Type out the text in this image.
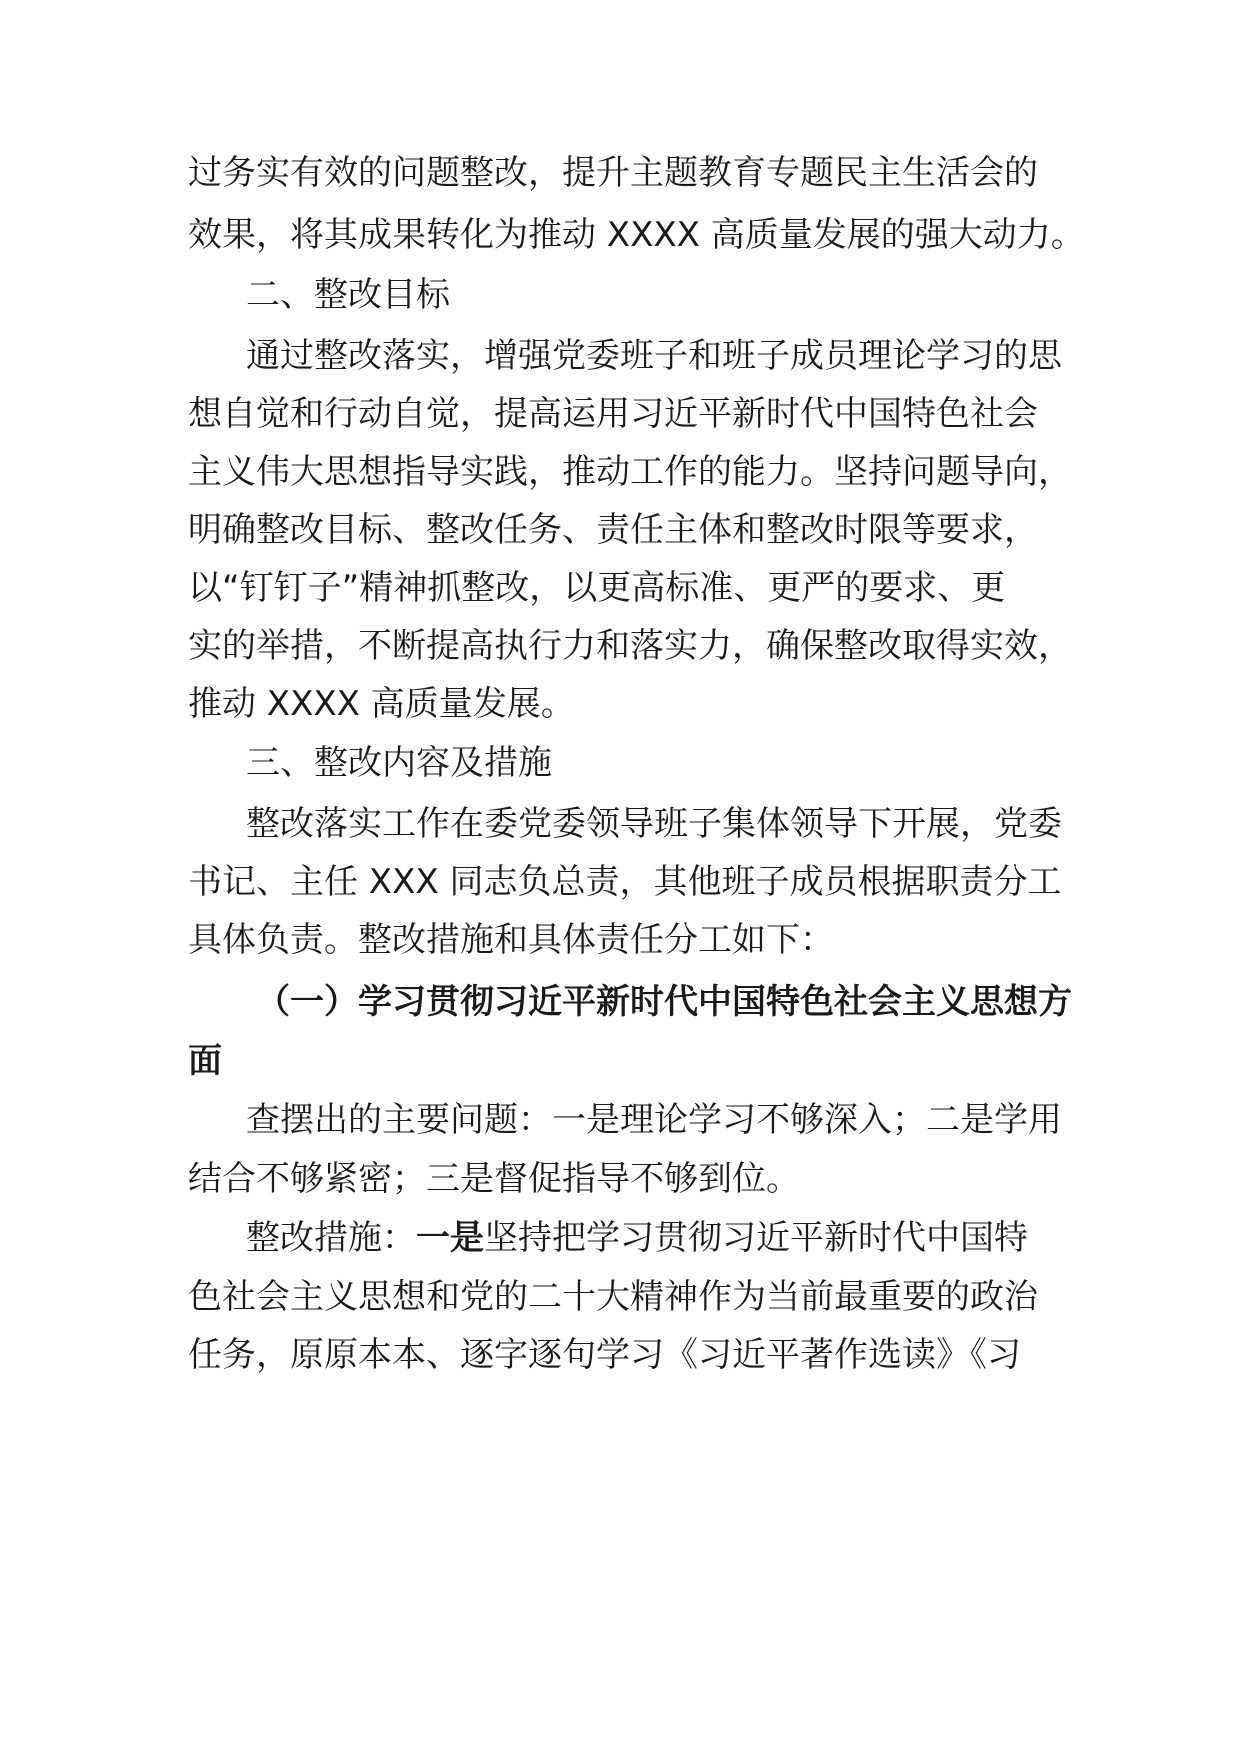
过务实有效的问题整改，提升主题教育专题民主生活会的
效果，将其成果转化为推动 XXXX 高质量发展的强大动力。
二、整改目标
通过整改落实，增强党委班子和班子成员理论学习的思
想自觉和行动自觉，提高运用习近平新时代中国特色社会
主义伟大思想指导实践，推动工作的能力。坚持问题导向，
明确整改目标、整改任务、责任主体和整改时限等要求，
以“钉钉子”精神抓整改，以更高标准、更严的要求、更
实的举措，不断提高执行力和落实力，确保整改取得实效，
推动 XXXX 高质量发展。
三、整改内容及措施
整改落实工作在委党委领导班子集体领导下开展，党委
书记、主任 XXX 同志负总责，其他班子成员根据职责分工
具体负责。整改措施和具体责任分工如下：
（一）学习贯彻习近平新时代中国特色社会主义思想方
面
查摆出的主要问题：一是理论学习不够深入；二是学用
结合不够紧密；三是督促指导不够到位。
整改措施：一是坚持把学习贯彻习近平新时代中国特
色社会主义思想和党的二十大精神作为当前最重要的政治
任务，原原本本、逐字逐句学习《习近平著作选读》《习
